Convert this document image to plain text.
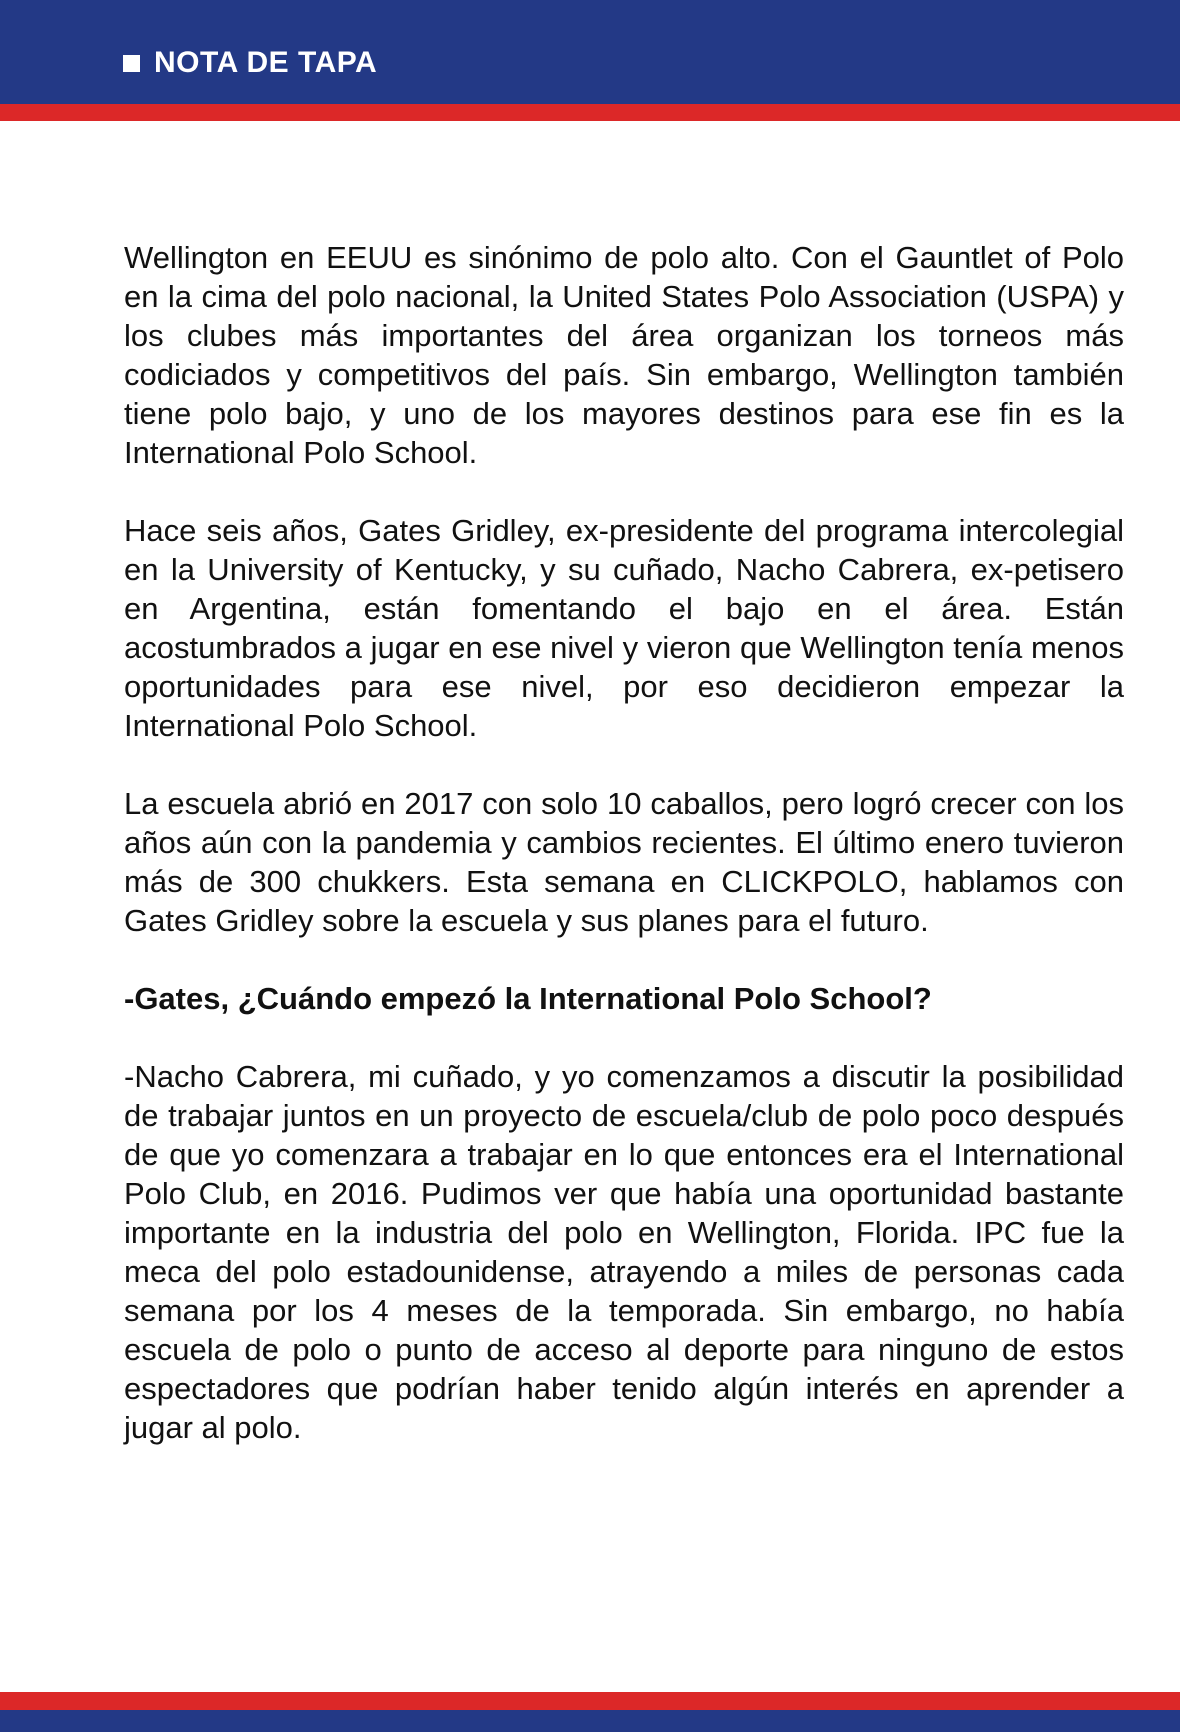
NOTA DE TAPA

Wellington en EEUU es sinónimo de polo alto. Con el Gauntlet of Polo en la cima del polo nacional, la United States Polo Association (USPA) y los clubes más importantes del área organizan los torneos más codiciados y competitivos del país. Sin embargo, Wellington también tiene polo bajo, y uno de los mayores destinos para ese fin es la International Polo School.

Hace seis años, Gates Gridley, ex-presidente del programa intercolegial en la University of Kentucky, y su cuñado, Nacho Cabrera, ex-petisero en Argentina, están fomentando el bajo en el área. Están acostumbrados a jugar en ese nivel y vieron que Wellington tenía menos oportunidades para ese nivel, por eso decidieron empezar la International Polo School.

La escuela abrió en 2017 con solo 10 caballos, pero logró crecer con los años aún con la pandemia y cambios recientes. El último enero tuvieron más de 300 chukkers. Esta semana en CLICKPOLO, hablamos con Gates Gridley sobre la escuela y sus planes para el futuro.

-Gates, ¿Cuándo empezó la International Polo School?

-Nacho Cabrera, mi cuñado, y yo comenzamos a discutir la posibilidad de trabajar juntos en un proyecto de escuela/club de polo poco después de que yo comenzara a trabajar en lo que entonces era el International Polo Club, en 2016. Pudimos ver que había una oportunidad bastante importante en la industria del polo en Wellington, Florida. IPC fue la meca del polo estadounidense, atrayendo a miles de personas cada semana por los 4 meses de la temporada. Sin embargo, no había escuela de polo o punto de acceso al deporte para ninguno de estos espectadores que podrían haber tenido algún interés en aprender a jugar al polo.
